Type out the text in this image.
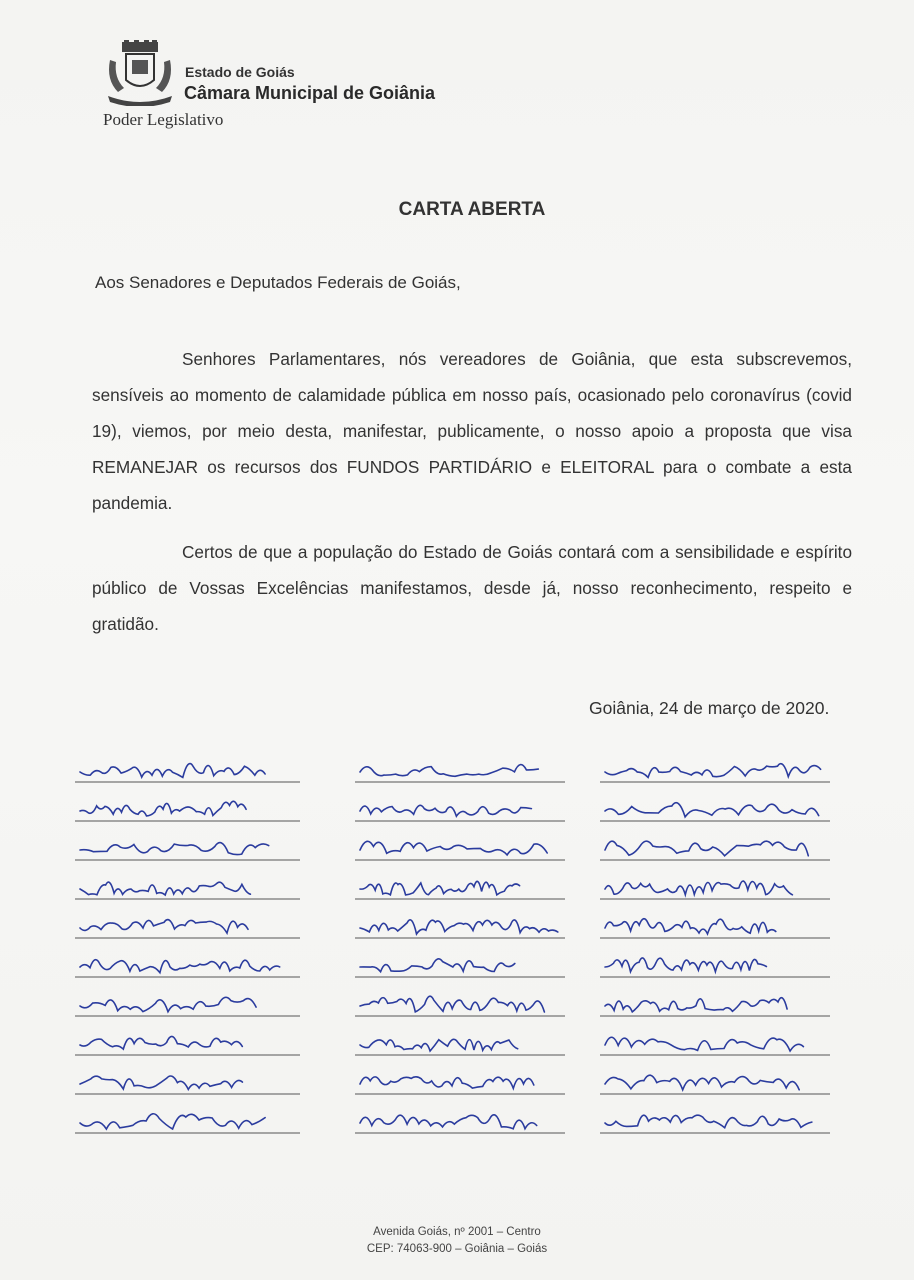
Estado de Goiás
Câmara Municipal de Goiânia
Poder Legislativo
CARTA ABERTA
Aos Senadores e Deputados Federais de Goiás,
Senhores Parlamentares, nós vereadores de Goiânia, que esta subscrevemos, sensíveis ao momento de calamidade pública em nosso país, ocasionado pelo coronavírus (covid 19), viemos, por meio desta, manifestar, publicamente, o nosso apoio a proposta que visa REMANEJAR os recursos dos FUNDOS PARTIDÁRIO e ELEITORAL para o combate a esta pandemia.
Certos de que a população do Estado de Goiás contará com a sensibilidade e espírito público de Vossas Excelências manifestamos, desde já, nosso reconhecimento, respeito e gratidão.
Goiânia, 24 de março de 2020.
Avenida Goiás, nº 2001 – Centro
CEP: 74063-900 – Goiânia – Goiás
